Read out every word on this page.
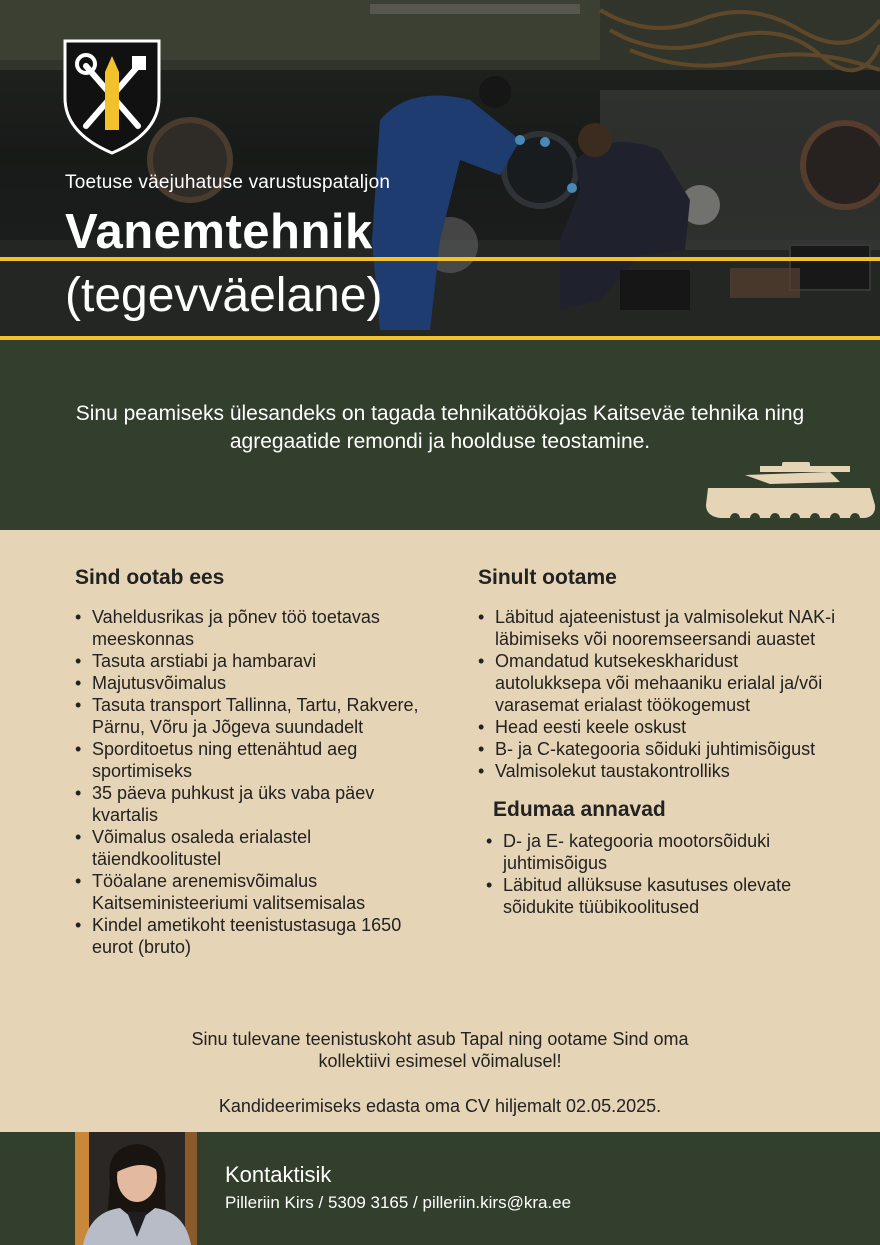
Toetuse väejuhatuse varustuspataljon
Vanemtehnik
(tegevväelane)

Sinu peamiseks ülesandeks on tagada tehnikatöökojas Kaitseväe tehnika ning agregaatide remondi ja hoolduse teostamine.

Sind ootab ees
• Vaheldusrikas ja põnev töö toetavas meeskonnas
• Tasuta arstiabi ja hambaravi
• Majutusvõimalus
• Tasuta transport Tallinna, Tartu, Rakvere, Pärnu, Võru ja Jõgeva suundadelt
• Sporditoetus ning ettenähtud aeg sportimiseks
• 35 päeva puhkust ja üks vaba päev kvartalis
• Võimalus osaleda erialastel täiendkoolitustel
• Tööalane arenemisvõimalus Kaitseministeeriumi valitsemisalas
• Kindel ametikoht teenistustasuga 1650 eurot (bruto)
Sinult ootame
• Läbitud ajateenistust ja valmisolekut NAK-i läbimiseks või nooremseersandi auastet
• Omandatud kutsekeskharidust autolukksepa või mehaaniku erialal ja/või varasemat erialast töökogemust
• Head eesti keele oskust
• B- ja C-kategooria sõiduki juhtimisõigust
• Valmisolekut taustakontrolliks
Edumaa annavad
• D- ja E- kategooria mootorsõiduki juhtimisõigus
• Läbitud allüksuse kasutuses olevate sõidukite tüübikoolitused
Sinu tulevane teenistuskoht asub Tapal ning ootame Sind oma
kollektiivi esimesel võimalusel!
Kandideerimiseks edasta oma CV hiljemalt 02.05.2025.
Kontaktisik
Pilleriin Kirs / 5309 3165 / pilleriin.kirs@kra.ee
